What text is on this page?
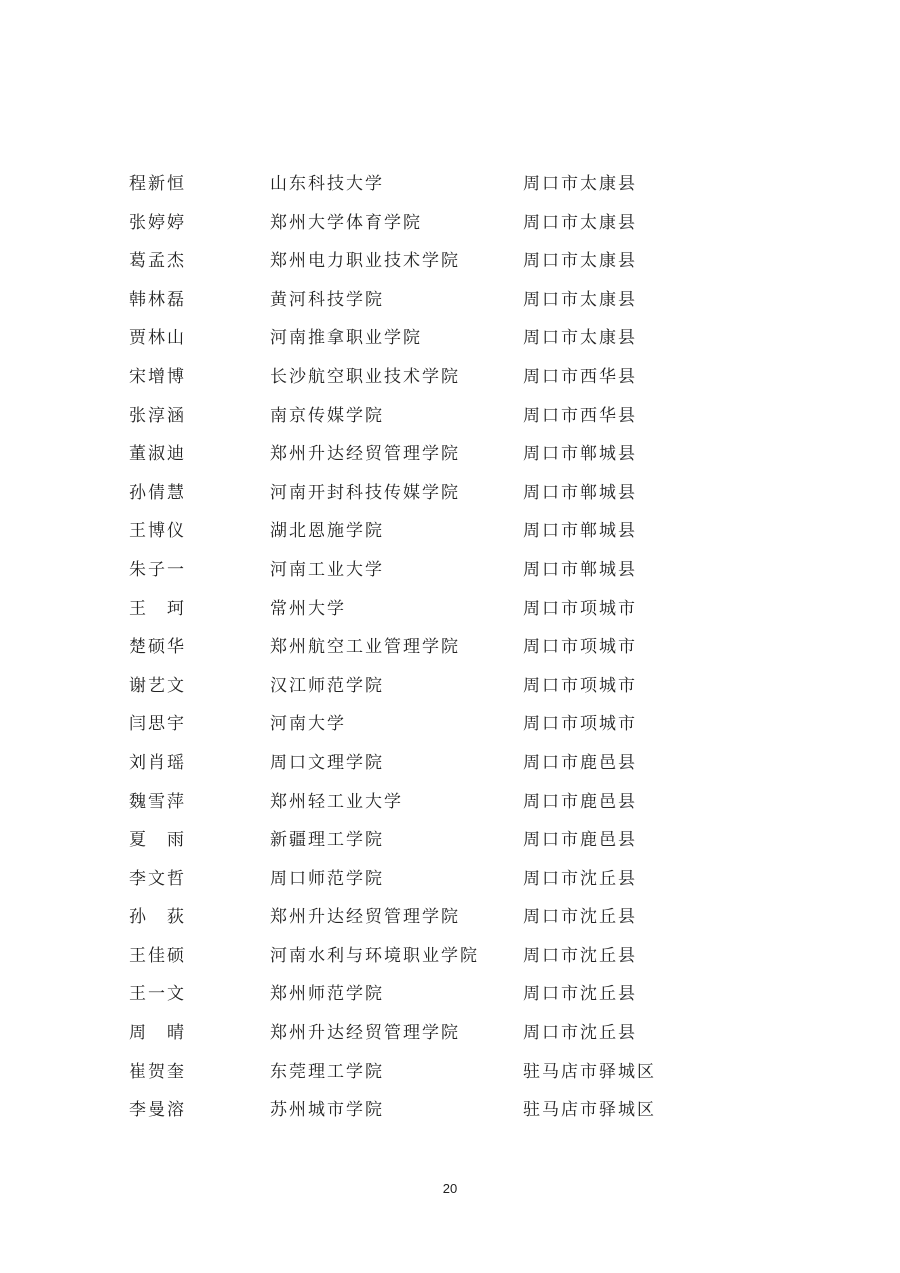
程新恒	山东科技大学	周口市太康县
张婷婷	郑州大学体育学院	周口市太康县
葛孟杰	郑州电力职业技术学院	周口市太康县
韩林磊	黄河科技学院	周口市太康县
贾林山	河南推拿职业学院	周口市太康县
宋增博	长沙航空职业技术学院	周口市西华县
张淳涵	南京传媒学院	周口市西华县
董淑迪	郑州升达经贸管理学院	周口市郸城县
孙倩慧	河南开封科技传媒学院	周口市郸城县
王博仪	湖北恩施学院	周口市郸城县
朱子一	河南工业大学	周口市郸城县
王　珂	常州大学	周口市项城市
楚硕华	郑州航空工业管理学院	周口市项城市
谢艺文	汉江师范学院	周口市项城市
闫思宇	河南大学	周口市项城市
刘肖瑶	周口文理学院	周口市鹿邑县
魏雪萍	郑州轻工业大学	周口市鹿邑县
夏　雨	新疆理工学院	周口市鹿邑县
李文哲	周口师范学院	周口市沈丘县
孙　荻	郑州升达经贸管理学院	周口市沈丘县
王佳硕	河南水利与环境职业学院	周口市沈丘县
王一文	郑州师范学院	周口市沈丘县
周　晴	郑州升达经贸管理学院	周口市沈丘县
崔贺奎	东莞理工学院	驻马店市驿城区
李曼溶	苏州城市学院	驻马店市驿城区
20
